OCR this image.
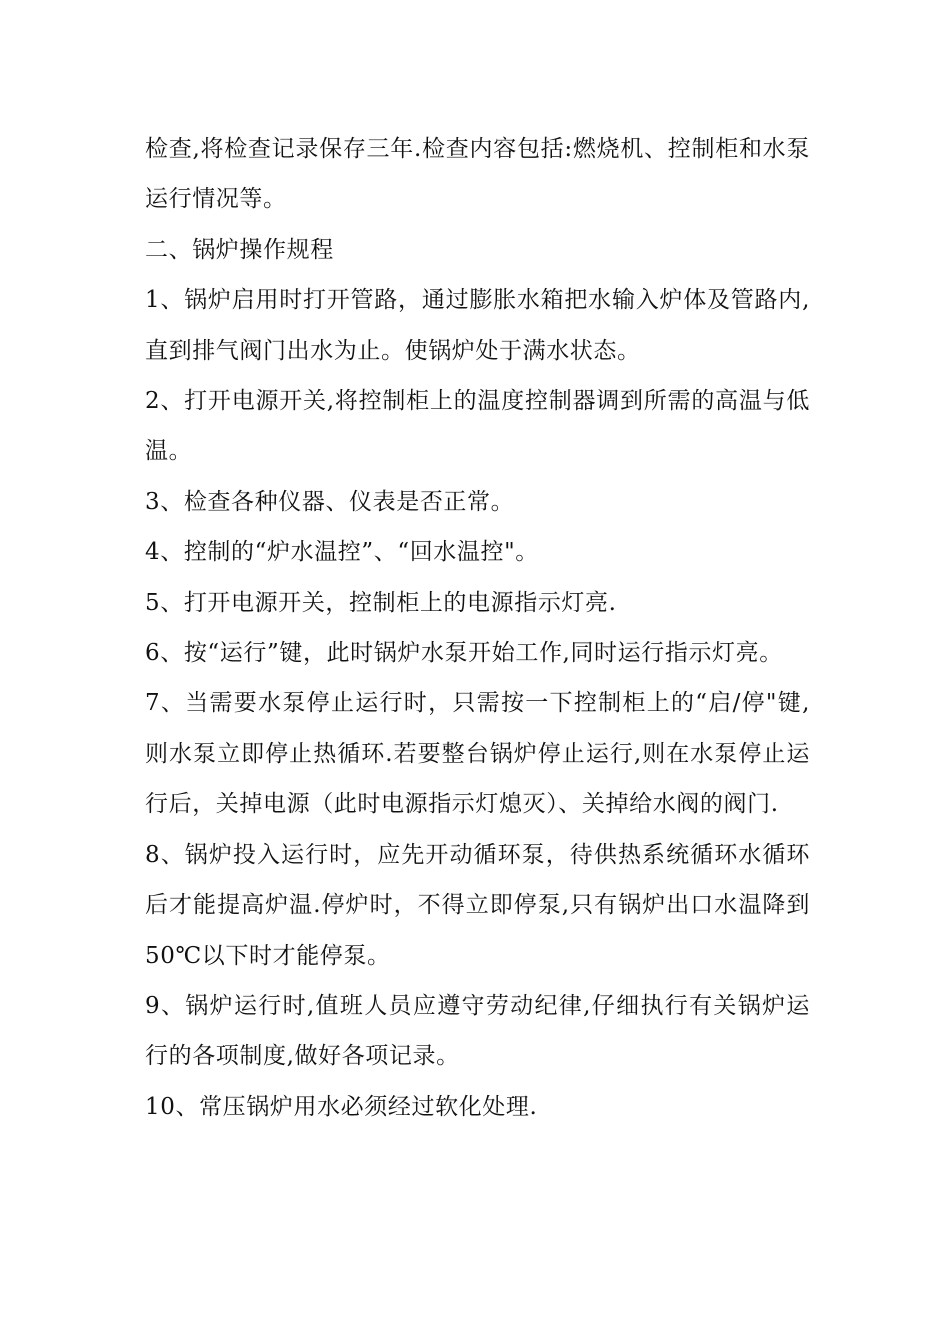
检查,将检查记录保存三年.检查内容包括:燃烧机、控制柜和水泵运行情况等。

二、锅炉操作规程

1、锅炉启用时打开管路，通过膨胀水箱把水输入炉体及管路内,直到排气阀门出水为止。使锅炉处于满水状态。

2、打开电源开关,将控制柜上的温度控制器调到所需的高温与低温。

3、检查各种仪器、仪表是否正常。

4、控制的“炉水温控”、“回水温控"。

5、打开电源开关，控制柜上的电源指示灯亮.

6、按“运行”键，此时锅炉水泵开始工作,同时运行指示灯亮。

7、当需要水泵停止运行时，只需按一下控制柜上的“启/停"键,则水泵立即停止热循环.若要整台锅炉停止运行,则在水泵停止运行后，关掉电源（此时电源指示灯熄灭）、关掉给水阀的阀门.

8、锅炉投入运行时，应先开动循环泵，待供热系统循环水循环后才能提高炉温.停炉时，不得立即停泵,只有锅炉出口水温降到50℃以下时才能停泵。

9、锅炉运行时,值班人员应遵守劳动纪律,仔细执行有关锅炉运行的各项制度,做好各项记录。

10、常压锅炉用水必须经过软化处理.
